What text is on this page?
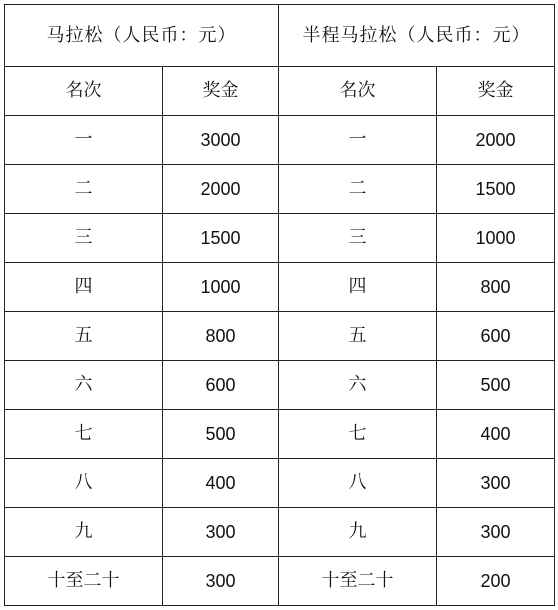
马拉松（人民币：元）		半程马拉松（人民币：元）	
名次	奖金	名次	奖金
一	3000	一	2000
二	2000	二	1500
三	1500	三	1000
四	1000	四	800
五	800	五	600
六	600	六	500
七	500	七	400
八	400	八	300
九	300	九	300
十至二十	300	十至二十	200
